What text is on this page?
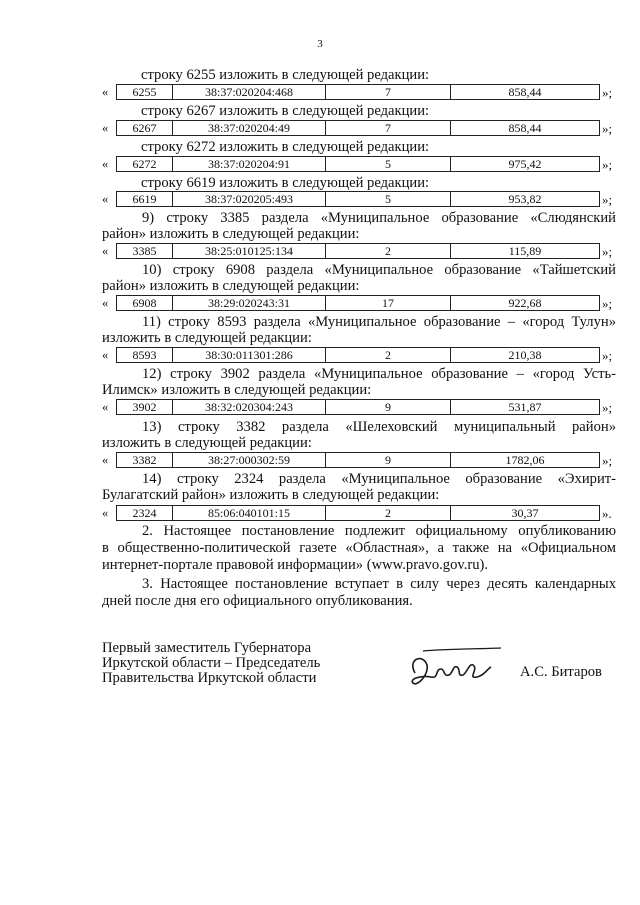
3
строку 6255 изложить в следующей редакции:
«	6255	38:37:020204:468	7	858,44	»;
строку 6267 изложить в следующей редакции:
«	6267	38:37:020204:49	7	858,44	»;
строку 6272 изложить в следующей редакции:
«	6272	38:37:020204:91	5	975,42	»;
строку 6619 изложить в следующей редакции:
«	6619	38:37:020205:493	5	953,82	»;
9) строку 3385 раздела «Муниципальное образование «Слюдянский
район» изложить в следующей редакции:
«	3385	38:25:010125:134	2	115,89	»;
10) строку 6908 раздела «Муниципальное образование «Тайшетский
район» изложить в следующей редакции:
«	6908	38:29:020243:31	17	922,68	»;
11) строку 8593 раздела «Муниципальное образование – «город Тулун»
изложить в следующей редакции:
«	8593	38:30:011301:286	2	210,38	»;
12) строку 3902 раздела «Муниципальное образование – «город Усть-
Илимск» изложить в следующей редакции:
«	3902	38:32:020304:243	9	531,87	»;
13) строку 3382 раздела «Шелеховский муниципальный район»
изложить в следующей редакции:
«	3382	38:27:000302:59	9	1782,06	»;
14) строку 2324 раздела «Муниципальное образование «Эхирит-
Булагатский район» изложить в следующей редакции:
«	2324	85:06:040101:15	2	30,37	».
2. Настоящее постановление подлежит официальному опубликованию
в общественно-политической газете «Областная», а также на «Официальном
интернет-портале правовой информации» (www.pravo.gov.ru).
3. Настоящее постановление вступает в силу через десять календарных
дней после дня его официального опубликования.
Первый заместитель Губернатора
Иркутской области – Председатель
Правительства Иркутской области	А.С. Битаров
